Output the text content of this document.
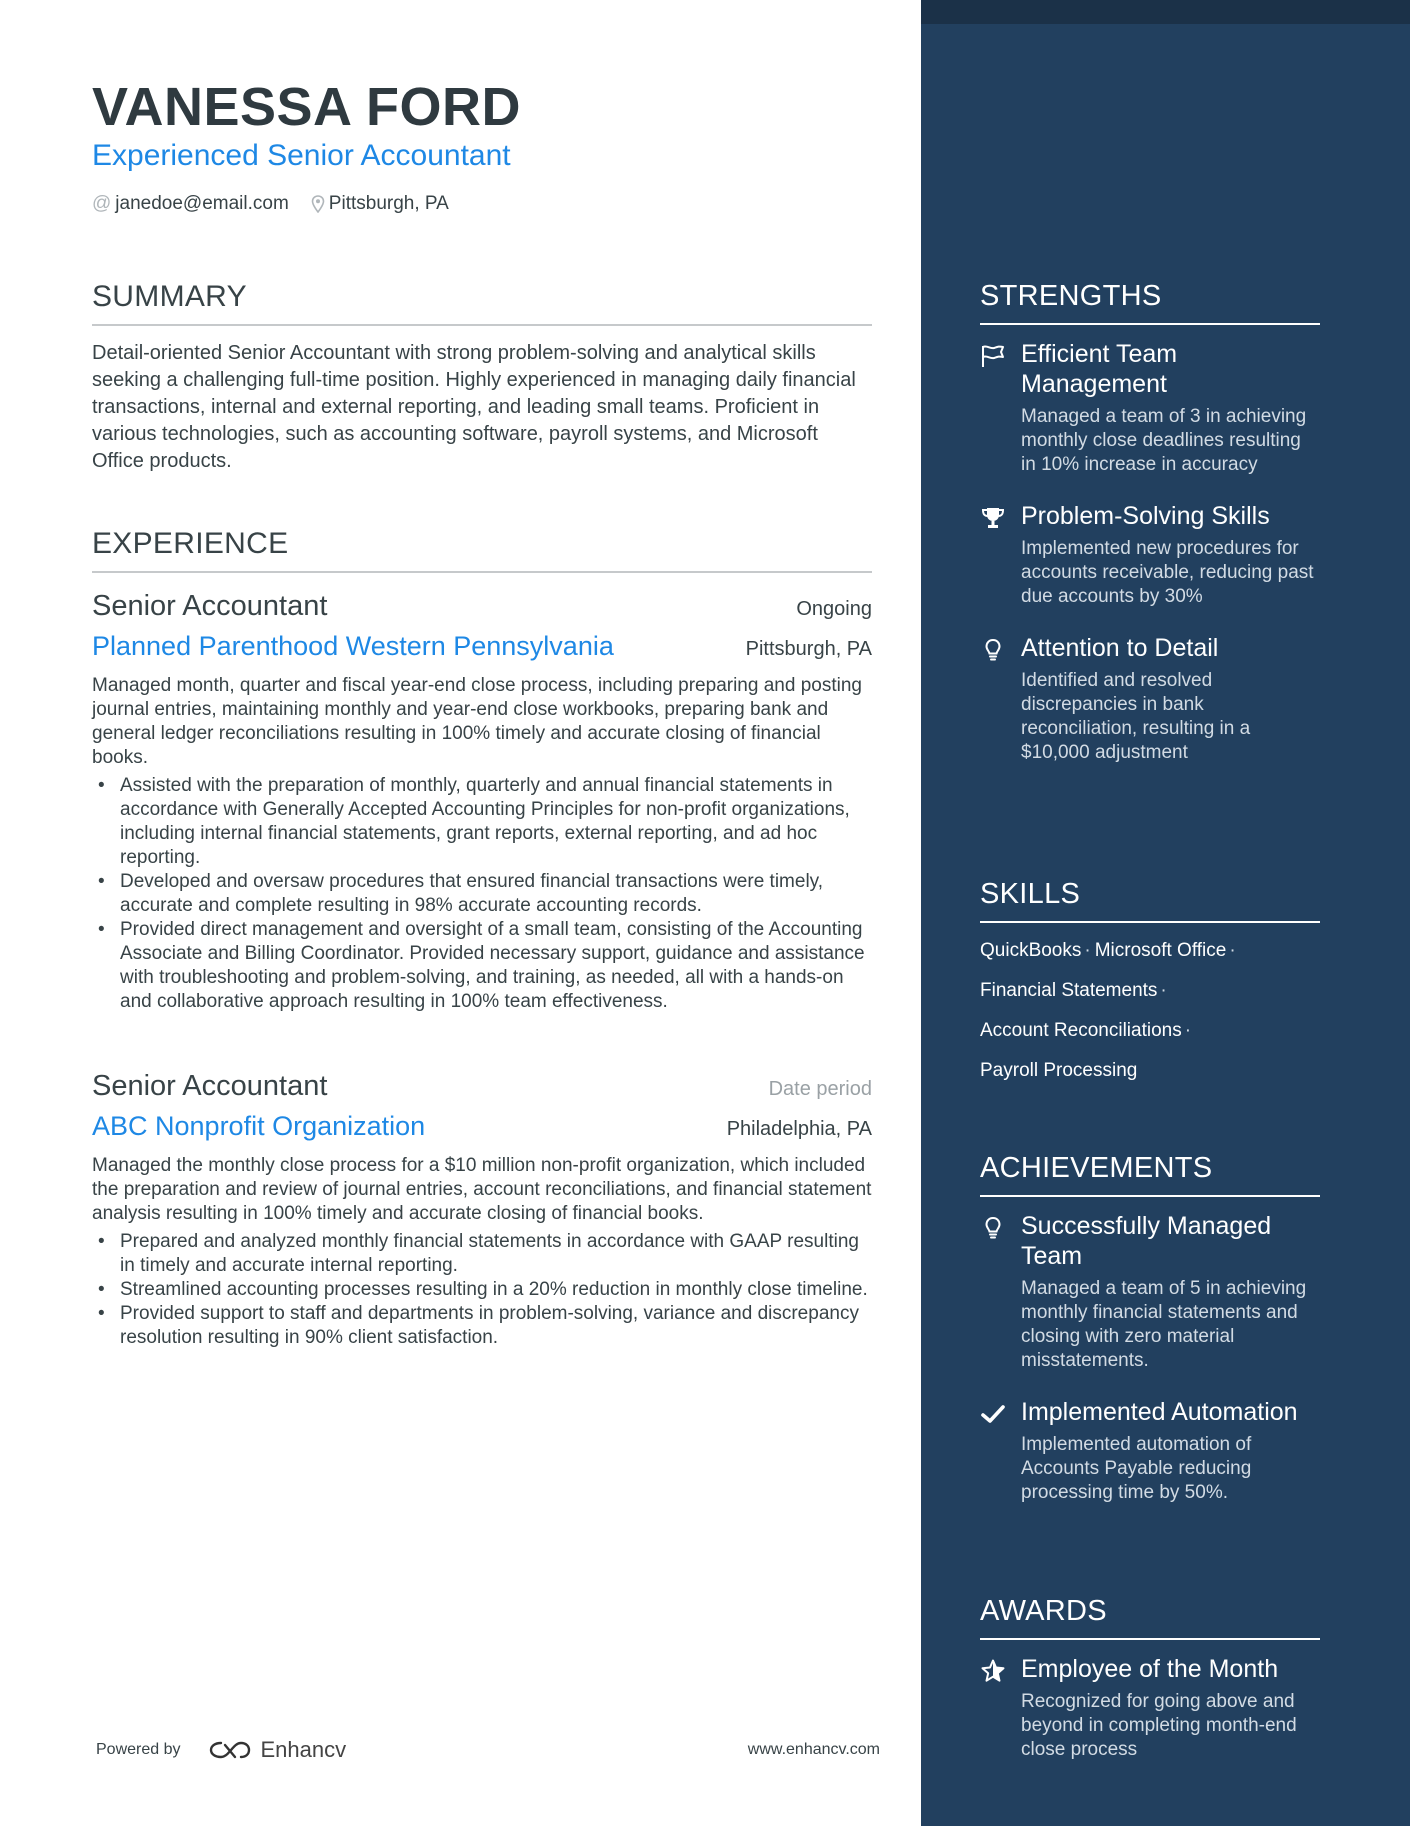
VANESSA FORD
Experienced Senior Accountant
@ janedoe@email.com Pittsburgh, PA
SUMMARY
Detail-oriented Senior Accountant with strong problem-solving and analytical skills seeking a challenging full-time position. Highly experienced in managing daily financial transactions, internal and external reporting, and leading small teams. Proficient in various technologies, such as accounting software, payroll systems, and Microsoft Office products.
EXPERIENCE
Senior Accountant	Ongoing
Planned Parenthood Western Pennsylvania	Pittsburgh, PA
Managed month, quarter and fiscal year-end close process, including preparing and posting journal entries, maintaining monthly and year-end close workbooks, preparing bank and general ledger reconciliations resulting in 100% timely and accurate closing of financial books.
• Assisted with the preparation of monthly, quarterly and annual financial statements in accordance with Generally Accepted Accounting Principles for non-profit organizations, including internal financial statements, grant reports, external reporting, and ad hoc reporting.
• Developed and oversaw procedures that ensured financial transactions were timely, accurate and complete resulting in 98% accurate accounting records.
• Provided direct management and oversight of a small team, consisting of the Accounting Associate and Billing Coordinator. Provided necessary support, guidance and assistance with troubleshooting and problem-solving, and training, as needed, all with a hands-on and collaborative approach resulting in 100% team effectiveness.
Senior Accountant	Date period
ABC Nonprofit Organization	Philadelphia, PA
Managed the monthly close process for a $10 million non-profit organization, which included the preparation and review of journal entries, account reconciliations, and financial statement analysis resulting in 100% timely and accurate closing of financial books.
• Prepared and analyzed monthly financial statements in accordance with GAAP resulting in timely and accurate internal reporting.
• Streamlined accounting processes resulting in a 20% reduction in monthly close timeline.
• Provided support to staff and departments in problem-solving, variance and discrepancy resolution resulting in 90% client satisfaction.
Powered by	Enhancv	www.enhancv.com
STRENGTHS
Efficient Team Management
Managed a team of 3 in achieving monthly close deadlines resulting in 10% increase in accuracy
Problem-Solving Skills
Implemented new procedures for accounts receivable, reducing past due accounts by 30%
Attention to Detail
Identified and resolved discrepancies in bank reconciliation, resulting in a $10,000 adjustment
SKILLS
QuickBooks · Microsoft Office ·
Financial Statements ·
Account Reconciliations ·
Payroll Processing
ACHIEVEMENTS
Successfully Managed Team
Managed a team of 5 in achieving monthly financial statements and closing with zero material misstatements.
Implemented Automation
Implemented automation of Accounts Payable reducing processing time by 50%.
AWARDS
Employee of the Month
Recognized for going above and beyond in completing month-end close process
